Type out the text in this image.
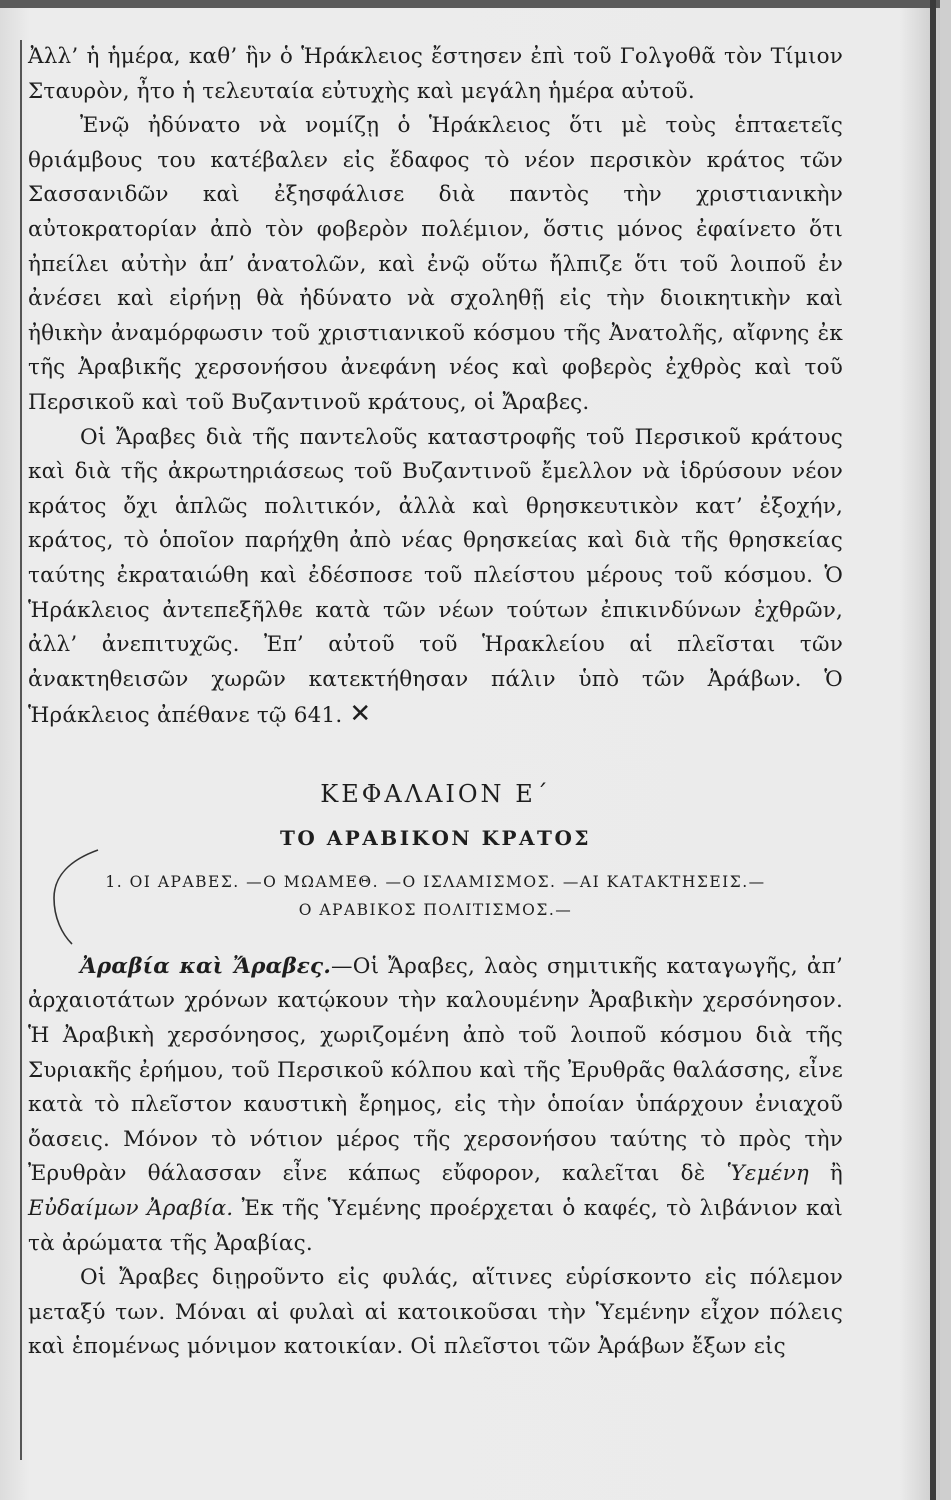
Ἀλλ’ ἡ ἡμέρα, καθ’ ἣν ὁ Ἡράκλειος ἔστησεν ἐπὶ τοῦ Γολγοθᾶ τὸν Τίμιον Σταυρὸν, ἦτο ἡ τελευταία εὐτυχὴς καὶ μεγάλη ἡμέρα αὐτοῦ.

Ἐνῷ ἠδύνατο νὰ νομίζῃ ὁ Ἡράκλειος ὅτι μὲ τοὺς ἑπταετεῖς θριάμβους του κατέβαλεν εἰς ἔδαφος τὸ νέον περσικὸν κράτος τῶν Σασσανιδῶν καὶ ἐξησφάλισε διὰ παντὸς τὴν χριστιανικὴν αὐτοκρατορίαν ἀπὸ τὸν φοβερὸν πολέμιον, ὅστις μόνος ἐφαίνετο ὅτι ἠπείλει αὐτὴν ἀπ’ ἀνατολῶν, καὶ ἐνῷ οὕτω ἤλπιζε ὅτι τοῦ λοιποῦ ἐν ἀνέσει καὶ εἰρήνῃ θὰ ἠδύνατο νὰ σχοληθῇ εἰς τὴν διοικητικὴν καὶ ἠθικὴν ἀναμόρφωσιν τοῦ χριστιανικοῦ κόσμου τῆς Ἀνατολῆς, αἴφνης ἐκ τῆς Ἀραβικῆς χερσονήσου ἀνεφάνη νέος καὶ φοβερὸς ἐχθρὸς καὶ τοῦ Περσικοῦ καὶ τοῦ Βυζαντινοῦ κράτους, οἱ Ἄραβες.

Οἱ Ἄραβες διὰ τῆς παντελοῦς καταστροφῆς τοῦ Περσικοῦ κράτους καὶ διὰ τῆς ἀκρωτηριάσεως τοῦ Βυζαντινοῦ ἔμελλον νὰ ἱδρύσουν νέον κράτος ὄχι ἁπλῶς πολιτικόν, ἀλλὰ καὶ θρησκευτικὸν κατ’ ἐξοχήν, κράτος, τὸ ὁποῖον παρήχθη ἀπὸ νέας θρησκείας καὶ διὰ τῆς θρησκείας ταύτης ἐκραταιώθη καὶ ἐδέσποσε τοῦ πλείστου μέρους τοῦ κόσμου. Ὁ Ἡράκλειος ἀντεπεξῆλθε κατὰ τῶν νέων τούτων ἐπικινδύνων ἐχθρῶν, ἀλλ’ ἀνεπιτυχῶς. Ἐπ’ αὐτοῦ τοῦ Ἡρακλείου αἱ πλεῖσται τῶν ἀνακτηθεισῶν χωρῶν κατεκτήθησαν πάλιν ὑπὸ τῶν Ἀράβων. Ὁ Ἡράκλειος ἀπέθανε τῷ 641. ✕

ΚΕΦΑΛΑΙΟΝ Ε΄
ΤΟ ΑΡΑΒΙΚΟΝ ΚΡΑΤΟΣ
1. ΟΙ ΑΡΑΒΕΣ. —Ο ΜΩΑΜΕΘ. —Ο ΙΣΛΑΜΙΣΜΟΣ. —ΑΙ ΚΑΤΑΚΤΗΣΕΙΣ.—
Ο ΑΡΑΒΙΚΟΣ ΠΟΛΙΤΙΣΜΟΣ.—

Ἀραβία καὶ Ἄραβες.—Οἱ Ἄραβες, λαὸς σημιτικῆς καταγωγῆς, ἀπ’ ἀρχαιοτάτων χρόνων κατῴκουν τὴν καλουμένην Ἀραβικὴν χερσόνησον. Ἡ Ἀραβικὴ χερσόνησος, χωριζομένη ἀπὸ τοῦ λοιποῦ κόσμου διὰ τῆς Συριακῆς ἐρήμου, τοῦ Περσικοῦ κόλπου καὶ τῆς Ἐρυθρᾶς θαλάσσης, εἶνε κατὰ τὸ πλεῖστον καυστικὴ ἔρημος, εἰς τὴν ὁποίαν ὑπάρχουν ἐνιαχοῦ ὄασεις. Μόνον τὸ νότιον μέρος τῆς χερσονήσου ταύτης τὸ πρὸς τὴν Ἐρυθρὰν θάλασσαν εἶνε κάπως εὔφορον, καλεῖται δὲ Ὑεμένη ἢ Εὐδαίμων Ἀραβία. Ἐκ τῆς Ὑεμένης προέρχεται ὁ καφές, τὸ λιβάνιον καὶ τὰ ἀρώματα τῆς Ἀραβίας.

Οἱ Ἄραβες διῃροῦντο εἰς φυλάς, αἵτινες εὑρίσκοντο εἰς πόλεμον μεταξύ των. Μόναι αἱ φυλαὶ αἱ κατοικοῦσαι τὴν Ὑεμένην εἶχον πόλεις καὶ ἑπομένως μόνιμον κατοικίαν. Οἱ πλεῖστοι τῶν Ἀράβων ἔξων εἰς
